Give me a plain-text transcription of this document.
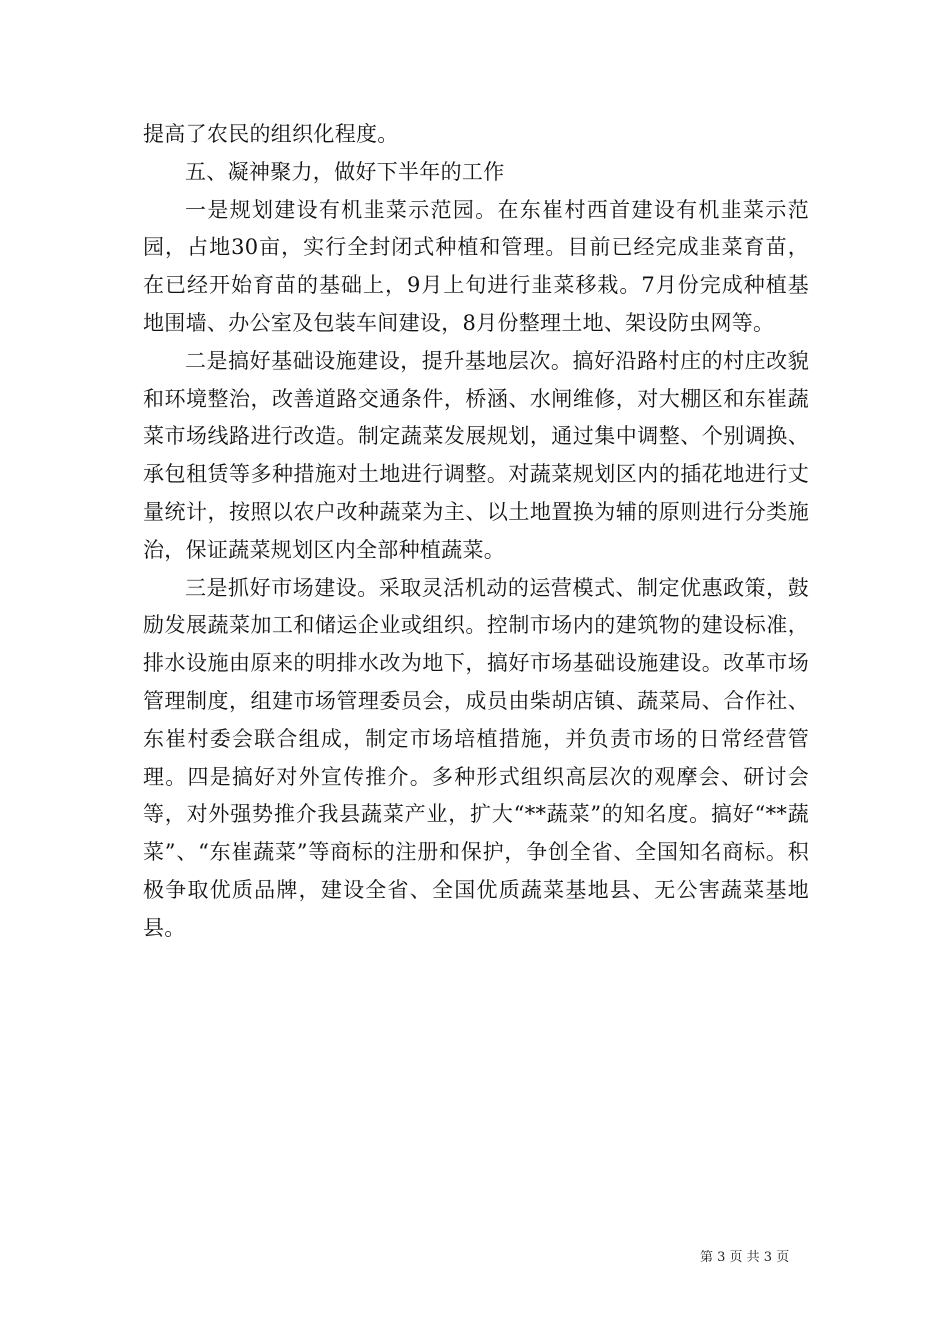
提高了农民的组织化程度。

五、凝神聚力，做好下半年的工作

一是规划建设有机韭菜示范园。在东崔村西首建设有机韭菜示范园，占地30亩，实行全封闭式种植和管理。目前已经完成韭菜育苗，在已经开始育苗的基础上，9月上旬进行韭菜移栽。7月份完成种植基地围墙、办公室及包装车间建设，8月份整理土地、架设防虫网等。

二是搞好基础设施建设，提升基地层次。搞好沿路村庄的村庄改貌和环境整治，改善道路交通条件，桥涵、水闸维修，对大棚区和东崔蔬菜市场线路进行改造。制定蔬菜发展规划，通过集中调整、个别调换、承包租赁等多种措施对土地进行调整。对蔬菜规划区内的插花地进行丈量统计，按照以农户改种蔬菜为主、以土地置换为辅的原则进行分类施治，保证蔬菜规划区内全部种植蔬菜。

三是抓好市场建设。采取灵活机动的运营模式、制定优惠政策，鼓励发展蔬菜加工和储运企业或组织。控制市场内的建筑物的建设标准，排水设施由原来的明排水改为地下，搞好市场基础设施建设。改革市场管理制度，组建市场管理委员会，成员由柴胡店镇、蔬菜局、合作社、东崔村委会联合组成，制定市场培植措施，并负责市场的日常经营管理。四是搞好对外宣传推介。多种形式组织高层次的观摩会、研讨会等，对外强势推介我县蔬菜产业，扩大“**蔬菜”的知名度。搞好“**蔬菜”、“东崔蔬菜”等商标的注册和保护，争创全省、全国知名商标。积极争取优质品牌，建设全省、全国优质蔬菜基地县、无公害蔬菜基地县。

第 3 页 共 3 页
